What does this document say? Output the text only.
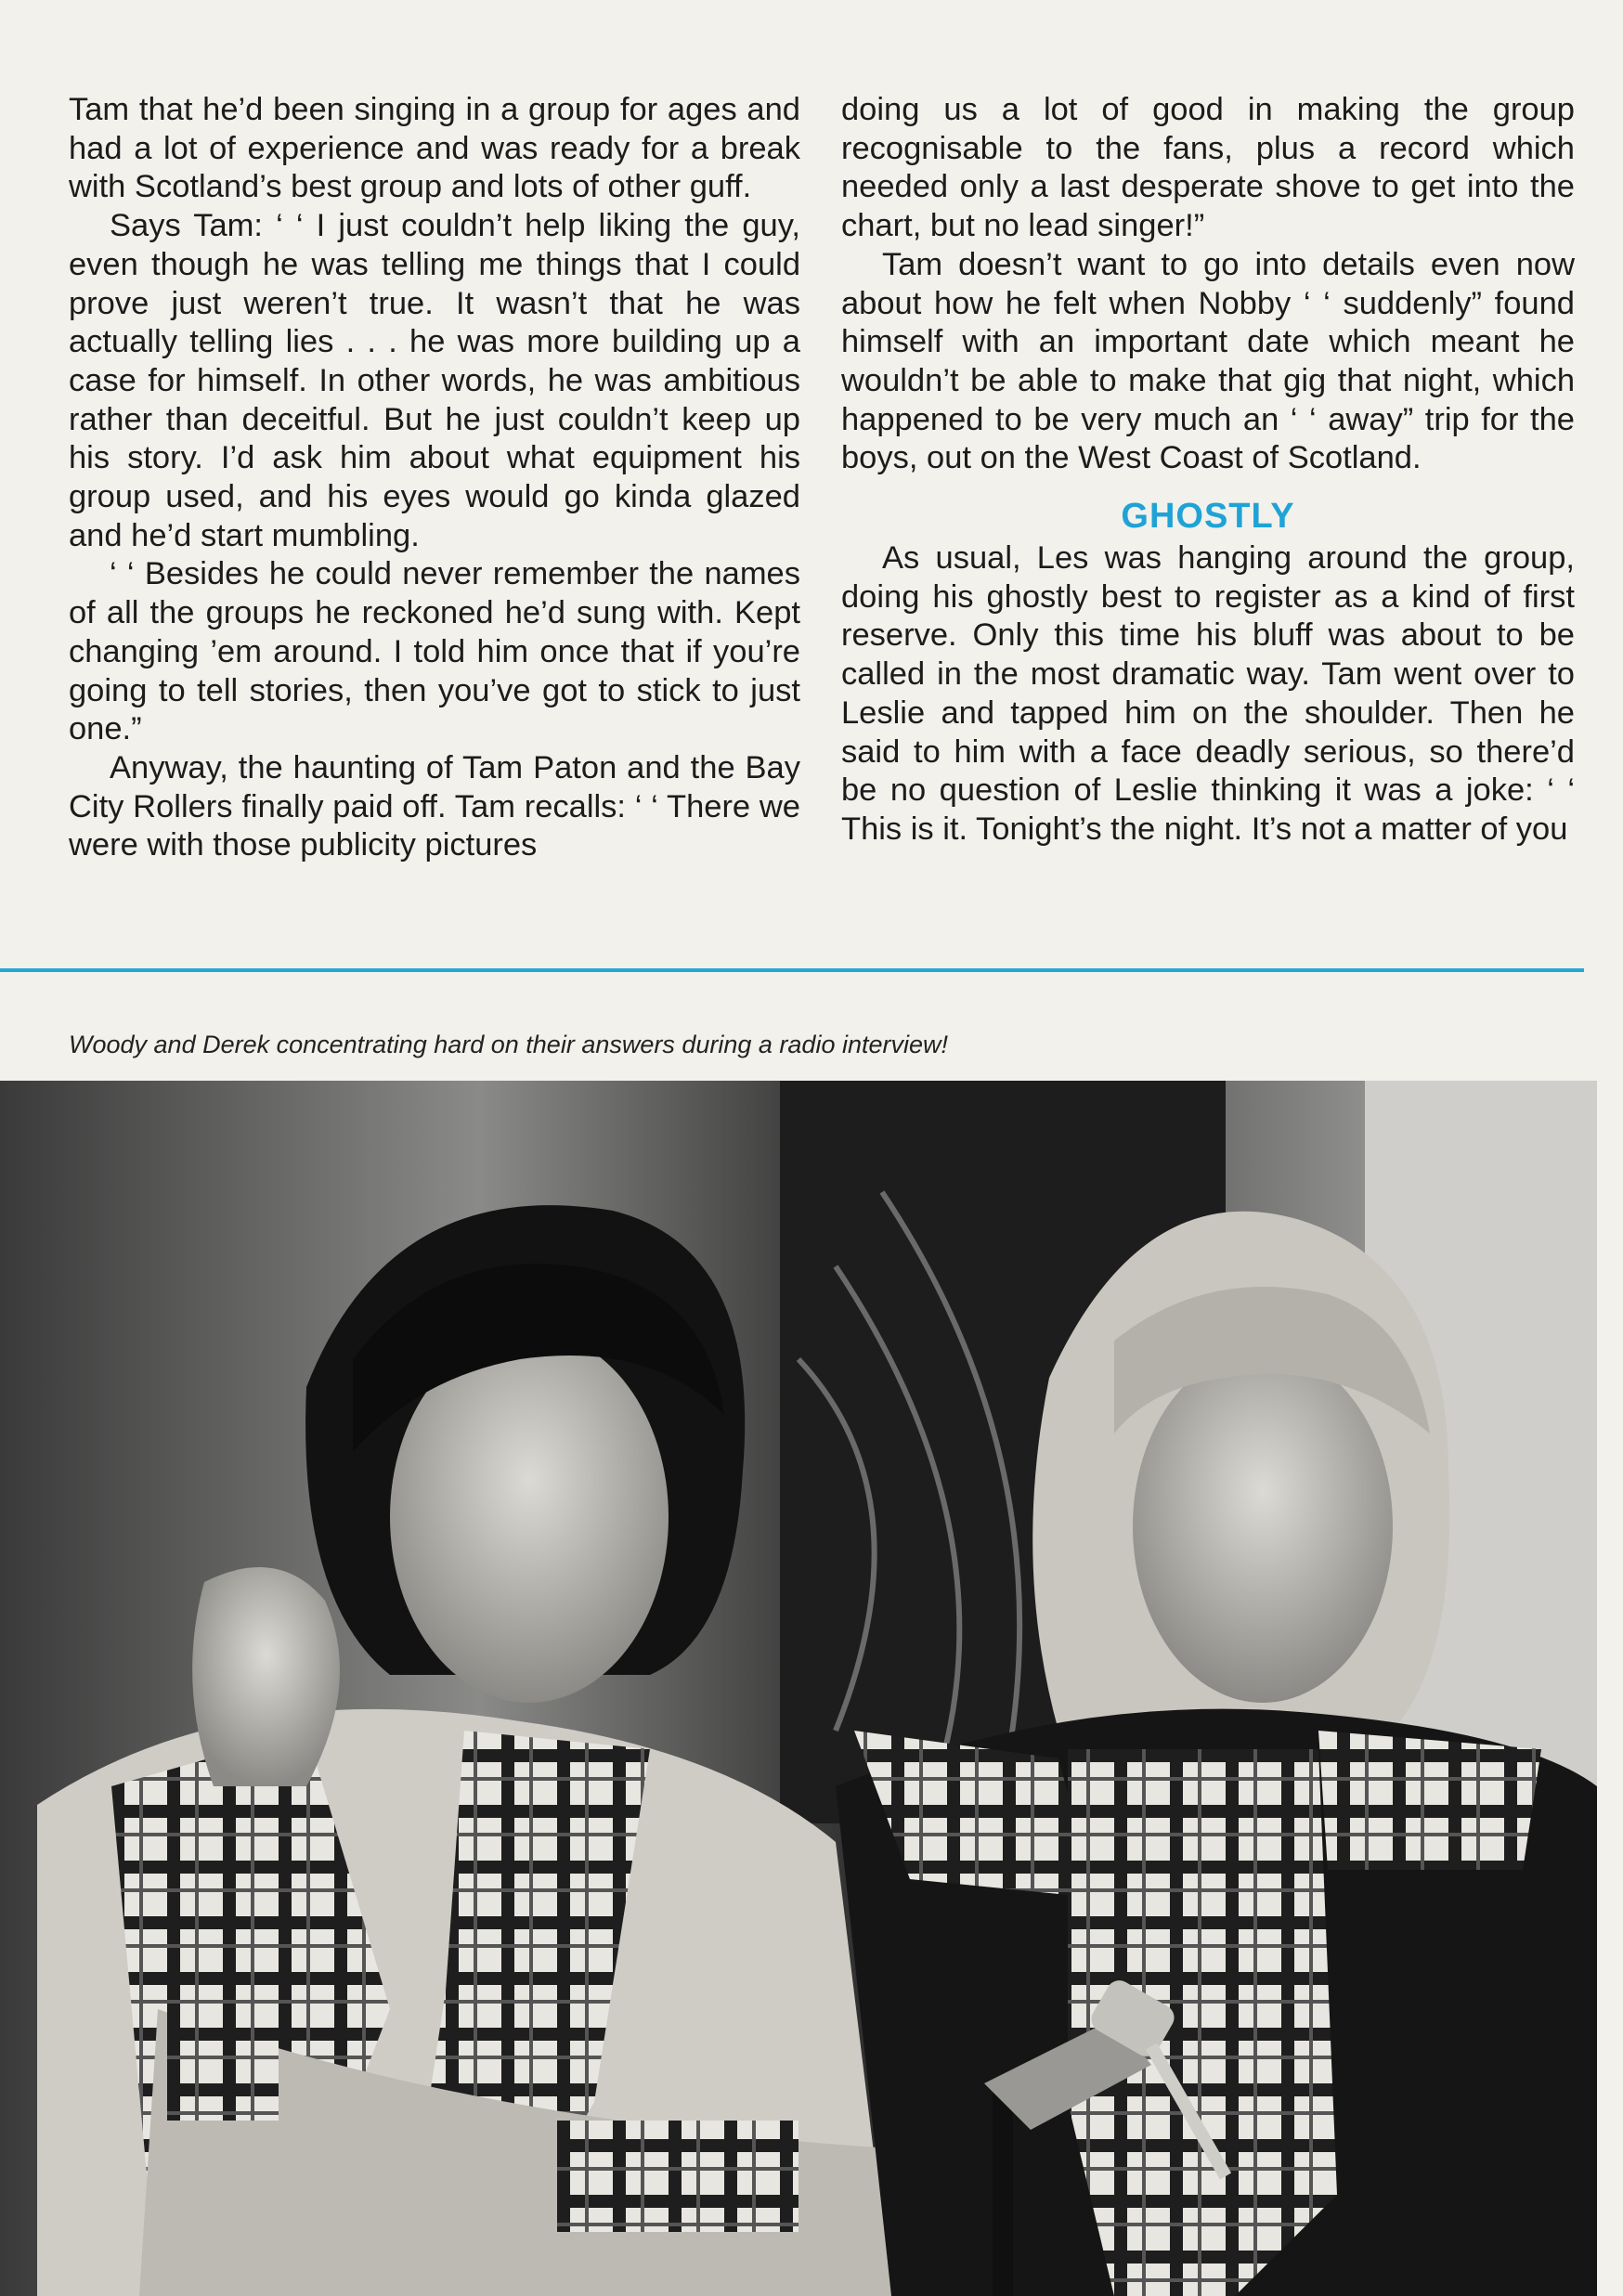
Tam that he’d been singing in a group for ages and had a lot of experience and was ready for a break with Scotland’s best group and lots of other guff.

Says Tam: ‘ ‘ I just couldn’t help liking the guy, even though he was telling me things that I could prove just weren’t true. It wasn’t that he was actually telling lies . . . he was more building up a case for himself. In other words, he was ambitious rather than deceitful. But he just couldn’t keep up his story. I’d ask him about what equipment his group used, and his eyes would go kinda glazed and he’d start mumbling.

‘ ‘ Besides he could never remember the names of all the groups he reckoned he’d sung with. Kept changing ’em around. I told him once that if you’re going to tell stories, then you’ve got to stick to just one.”

Anyway, the haunting of Tam Paton and the Bay City Rollers finally paid off. Tam recalls: ‘ ‘ There we were with those publicity pictures

doing us a lot of good in making the group recognisable to the fans, plus a record which needed only a last desperate shove to get into the chart, but no lead singer!”

Tam doesn’t want to go into details even now about how he felt when Nobby ‘ ‘ suddenly” found himself with an important date which meant he wouldn’t be able to make that gig that night, which happened to be very much an ‘ ‘ away” trip for the boys, out on the West Coast of Scotland.

GHOSTLY

As usual, Les was hanging around the group, doing his ghostly best to register as a kind of first reserve. Only this time his bluff was about to be called in the most dramatic way. Tam went over to Leslie and tapped him on the shoulder. Then he said to him with a face deadly serious, so there’d be no question of Leslie thinking it was a joke: ‘ ‘ This is it. Tonight’s the night. It’s not a matter of you

Woody and Derek concentrating hard on their answers during a radio interview!
